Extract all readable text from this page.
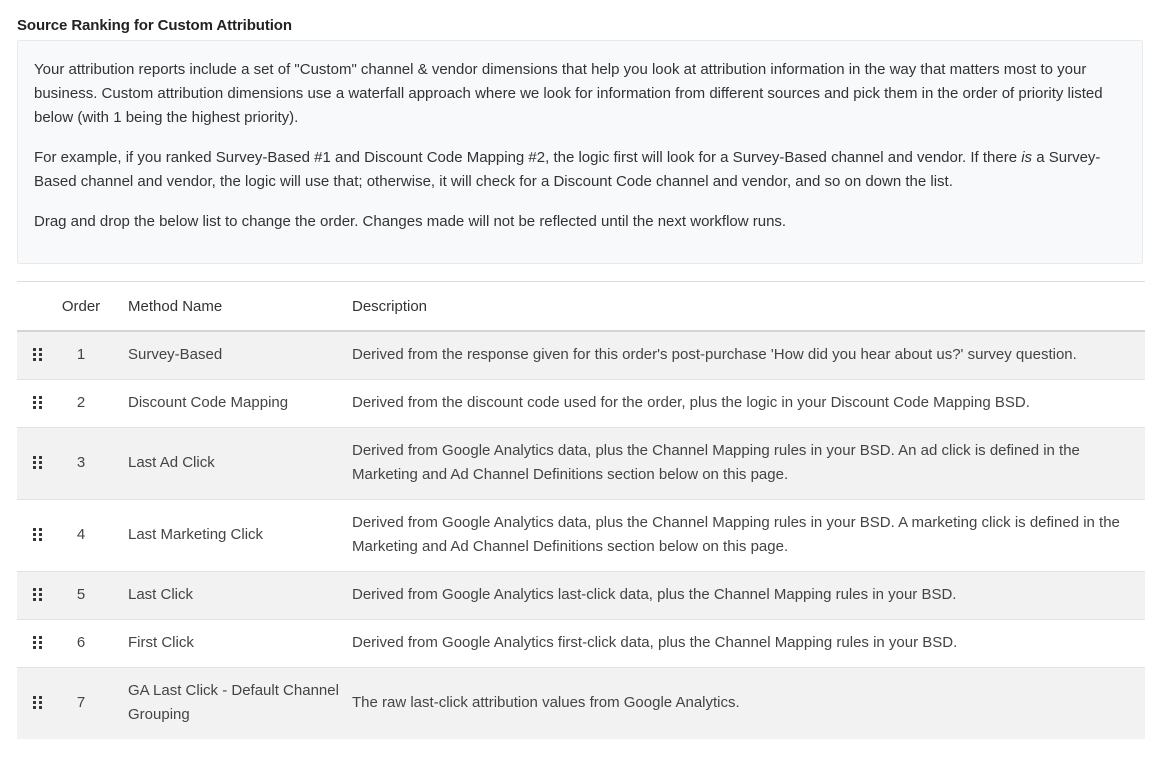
Source Ranking for Custom Attribution

Your attribution reports include a set of "Custom" channel & vendor dimensions that help you look at attribution information in the way that matters most to your business. Custom attribution dimensions use a waterfall approach where we look for information from different sources and pick them in the order of priority listed below (with 1 being the highest priority).

For example, if you ranked Survey-Based #1 and Discount Code Mapping #2, the logic first will look for a Survey-Based channel and vendor. If there is a Survey-Based channel and vendor, the logic will use that; otherwise, it will check for a Discount Code channel and vendor, and so on down the list.

Drag and drop the below list to change the order. Changes made will not be reflected until the next workflow runs.

	Order	Method Name	Description

	1	Survey-Based	Derived from the response given for this order's post-purchase 'How did you hear about us?' survey question.

	2	Discount Code Mapping	Derived from the discount code used for the order, plus the logic in your Discount Code Mapping BSD.

	3	Last Ad Click	Derived from Google Analytics data, plus the Channel Mapping rules in your BSD. An ad click is defined in the Marketing and Ad Channel Definitions section below on this page.

	4	Last Marketing Click	Derived from Google Analytics data, plus the Channel Mapping rules in your BSD. A marketing click is defined in the Marketing and Ad Channel Definitions section below on this page.

	5	Last Click	Derived from Google Analytics last-click data, plus the Channel Mapping rules in your BSD.

	6	First Click	Derived from Google Analytics first-click data, plus the Channel Mapping rules in your BSD.

	7	GA Last Click - Default Channel Grouping	The raw last-click attribution values from Google Analytics.
